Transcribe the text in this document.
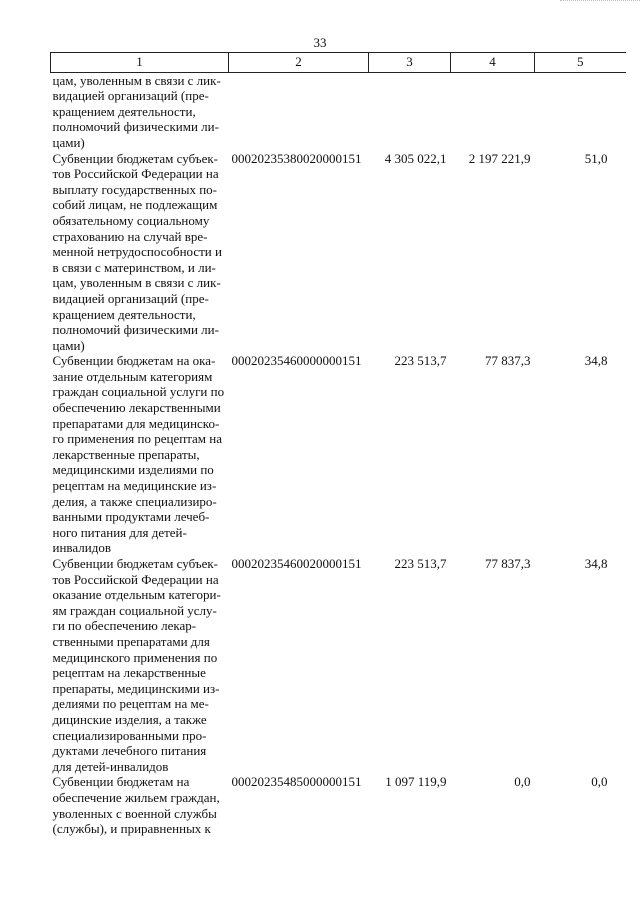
33
1	2	3	4	5
цам, уволенным в связи с лик-видацией организаций (пре-кращением деятельности, полномочий физическими ли-цами)				
Субвенции бюджетам субъек-тов Российской Федерации на выплату государственных по-собий лицам, не подлежащим обязательному социальному страхованию на случай вре-менной нетрудоспособности и в связи с материнством, и ли-цам, уволенным в связи с лик-видацией организаций (пре-кращением деятельности, полномочий физическими ли-цами)	00020235380020000151	4 305 022,1	2 197 221,9	51,0
Субвенции бюджетам на ока-зание отдельным категориям граждан социальной услуги по обеспечению лекарственными препаратами для медицинско-го применения по рецептам на лекарственные препараты, медицинскими изделиями по рецептам на медицинские из-делия, а также специализиро-ванными продуктами лечеб-ного питания для детей-инвалидов	00020235460000000151	223 513,7	77 837,3	34,8
Субвенции бюджетам субъек-тов Российской Федерации на оказание отдельным категори-ям граждан социальной услу-ги по обеспечению лекар-ственными препаратами для медицинского применения по рецептам на лекарственные препараты, медицинскими из-делиями по рецептам на ме-дицинские изделия, а также специализированными про-дуктами лечебного питания для детей-инвалидов	00020235460020000151	223 513,7	77 837,3	34,8
Субвенции бюджетам на обеспечение жильем граждан, уволенных с военной службы (службы), и приравненных к	00020235485000000151	1 097 119,9	0,0	0,0
